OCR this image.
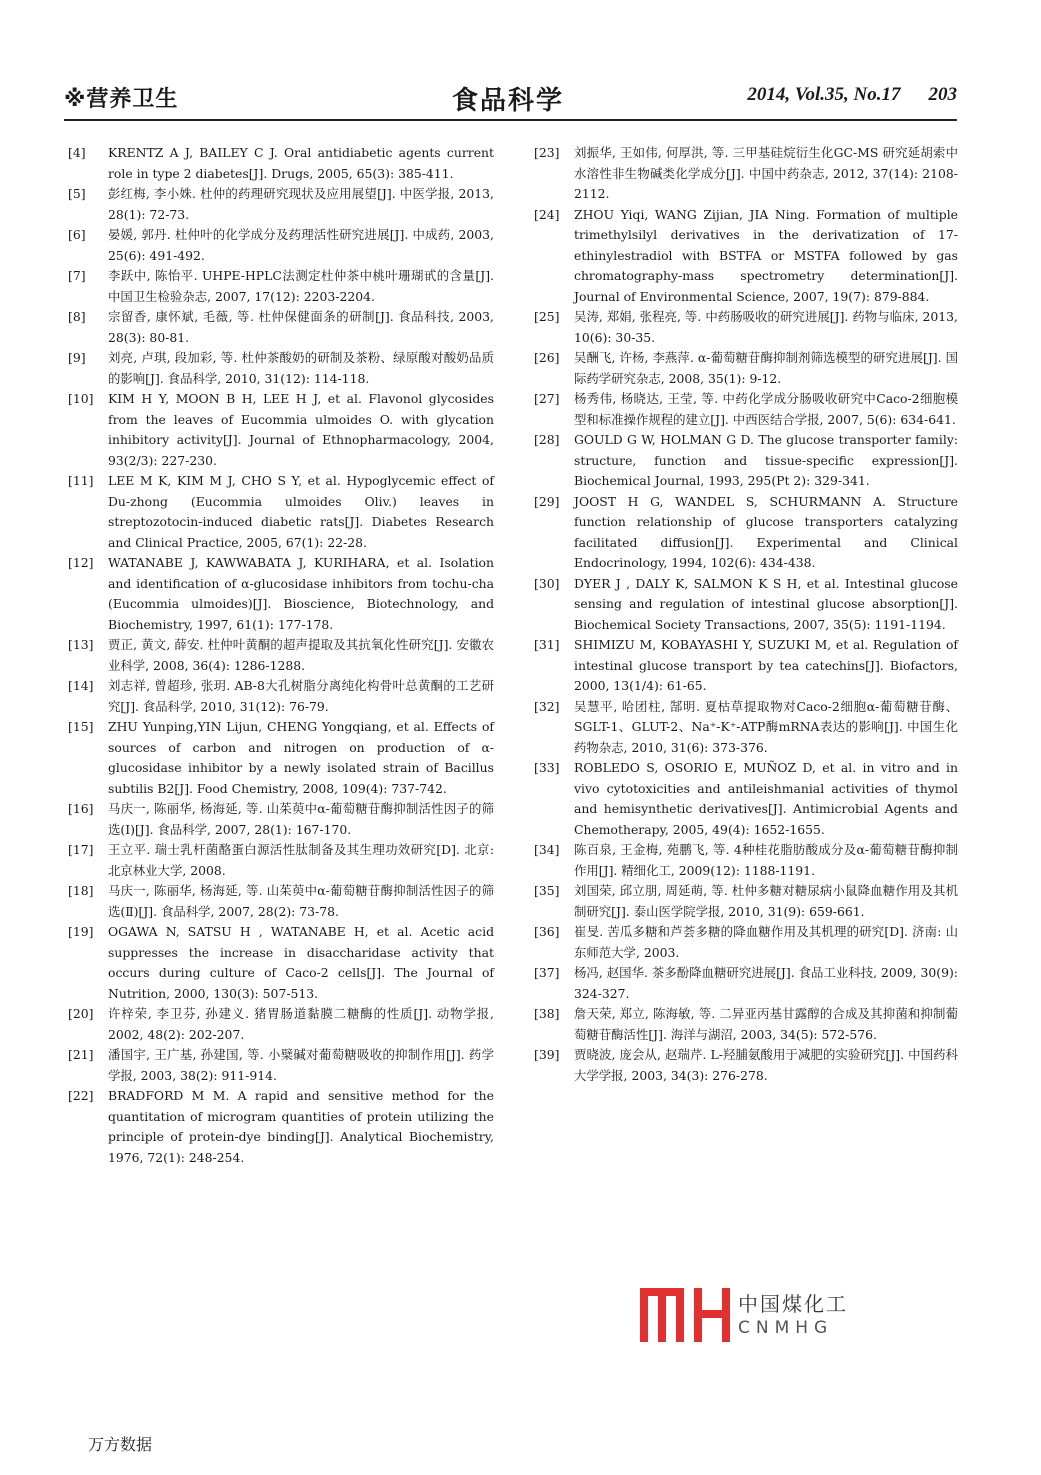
※营养卫生	食品科学	2014, Vol.35, No.17 203
[4] KRENTZ A J, BAILEY C J. Oral antidiabetic agents current role in type 2 diabetes[J]. Drugs, 2005, 65(3): 385-411.
[5] 彭红梅, 李小姝. 杜仲的药理研究现状及应用展望[J]. 中医学报, 2013, 28(1): 72-73.
[6] 晏媛, 郭丹. 杜仲叶的化学成分及药理活性研究进展[J]. 中成药, 2003, 25(6): 491-492.
[7] 李跃中, 陈怡平. UHPE-HPLC法测定杜仲茶中桃叶珊瑚甙的含量[J]. 中国卫生检验杂志, 2007, 17(12): 2203-2204.
[8] 宗留香, 康怀斌, 毛薇, 等. 杜仲保健面条的研制[J]. 食品科技, 2003, 28(3): 80-81.
[9] 刘亮, 卢琪, 段加彩, 等. 杜仲茶酸奶的研制及茶粉、绿原酸对酸奶品质的影响[J]. 食品科学, 2010, 31(12): 114-118.
[10] KIM H Y, MOON B H, LEE H J, et al. Flavonol glycosides from the leaves of Eucommia ulmoides O. with glycation inhibitory activity[J]. Journal of Ethnopharmacology, 2004, 93(2/3): 227-230.
[11] LEE M K, KIM M J, CHO S Y, et al. Hypoglycemic effect of Du-zhong (Eucommia ulmoides Oliv.) leaves in streptozotocin-induced diabetic rats[J]. Diabetes Research and Clinical Practice, 2005, 67(1): 22-28.
[12] WATANABE J, KAWWABATA J, KURIHARA, et al. Isolation and identification of α-glucosidase inhibitors from tochu-cha (Eucommia ulmoides)[J]. Bioscience, Biotechnology, and Biochemistry, 1997, 61(1): 177-178.
[13] 贾正, 黄文, 薛安. 杜仲叶黄酮的超声提取及其抗氧化性研究[J]. 安徽农业科学, 2008, 36(4): 1286-1288.
[14] 刘志祥, 曾超珍, 张玥. AB-8大孔树脂分离纯化构骨叶总黄酮的工艺研究[J]. 食品科学, 2010, 31(12): 76-79.
[15] ZHU Yunping,YIN Lijun, CHENG Yongqiang, et al. Effects of sources of carbon and nitrogen on production of α-glucosidase inhibitor by a newly isolated strain of Bacillus subtilis B2[J]. Food Chemistry, 2008, 109(4): 737-742.
[16] 马庆一, 陈丽华, 杨海延, 等. 山茱萸中α-葡萄糖苷酶抑制活性因子的筛选(Ⅰ)[J]. 食品科学, 2007, 28(1): 167-170.
[17] 王立平. 瑞士乳杆菌酪蛋白源活性肽制备及其生理功效研究[D]. 北京: 北京林业大学, 2008.
[18] 马庆一, 陈丽华, 杨海延, 等. 山茱萸中α-葡萄糖苷酶抑制活性因子的筛选(Ⅱ)[J]. 食品科学, 2007, 28(2): 73-78.
[19] OGAWA N, SATSU H , WATANABE H, et al. Acetic acid suppresses the increase in disaccharidase activity that occurs during culture of Caco-2 cells[J]. The Journal of Nutrition, 2000, 130(3): 507-513.
[20] 许梓荣, 李卫芬, 孙建义. 猪胃肠道黏膜二糖酶的性质[J]. 动物学报, 2002, 48(2): 202-207.
[21] 潘国宇, 王广基, 孙建国, 等. 小檗碱对葡萄糖吸收的抑制作用[J]. 药学学报, 2003, 38(2): 911-914.
[22] BRADFORD M M. A rapid and sensitive method for the quantitation of microgram quantities of protein utilizing the principle of protein-dye binding[J]. Analytical Biochemistry, 1976, 72(1): 248-254.
[23] 刘振华, 王如伟, 何厚洪, 等. 三甲基硅烷衍生化GC-MS 研究延胡索中水溶性非生物碱类化学成分[J]. 中国中药杂志, 2012, 37(14): 2108-2112.
[24] ZHOU Yiqi, WANG Zijian, JIA Ning. Formation of multiple trimethylsilyl derivatives in the derivatization of 17-ethinylestradiol with BSTFA or MSTFA followed by gas chromatography-mass spectrometry determination[J]. Journal of Environmental Science, 2007, 19(7): 879-884.
[25] 吴涛, 郑娟, 张程亮, 等. 中药肠吸收的研究进展[J]. 药物与临床, 2013, 10(6): 30-35.
[26] 吴酬飞, 许杨, 李燕萍. α-葡萄糖苷酶抑制剂筛选模型的研究进展[J]. 国际药学研究杂志, 2008, 35(1): 9-12.
[27] 杨秀伟, 杨晓达, 王莹, 等. 中药化学成分肠吸收研究中Caco-2细胞模型和标准操作规程的建立[J]. 中西医结合学报, 2007, 5(6): 634-641.
[28] GOULD G W, HOLMAN G D. The glucose transporter family: structure, function and tissue-specific expression[J]. Biochemical Journal, 1993, 295(Pt 2): 329-341.
[29] JOOST H G, WANDEL S, SCHURMANN A. Structure function relationship of glucose transporters catalyzing facilitated diffusion[J]. Experimental and Clinical Endocrinology, 1994, 102(6): 434-438.
[30] DYER J , DALY K, SALMON K S H, et al. Intestinal glucose sensing and regulation of intestinal glucose absorption[J]. Biochemical Society Transactions, 2007, 35(5): 1191-1194.
[31] SHIMIZU M, KOBAYASHI Y, SUZUKI M, et al. Regulation of intestinal glucose transport by tea catechins[J]. Biofactors, 2000, 13(1/4): 61-65.
[32] 吴慧平, 哈团柱, 郜明. 夏枯草提取物对Caco-2细胞α-葡萄糖苷酶、SGLT-1、GLUT-2、Na⁺-K⁺-ATP酶mRNA表达的影响[J]. 中国生化药物杂志, 2010, 31(6): 373-376.
[33] ROBLEDO S, OSORIO E, MUÑOZ D, et al. in vitro and in vivo cytotoxicities and antileishmanial activities of thymol and hemisynthetic derivatives[J]. Antimicrobial Agents and Chemotherapy, 2005, 49(4): 1652-1655.
[34] 陈百泉, 王金梅, 苑鹏飞, 等. 4种桂花脂肪酸成分及α-葡萄糖苷酶抑制作用[J]. 精细化工, 2009(12): 1188-1191.
[35] 刘国荣, 邱立朋, 周延萌, 等. 杜仲多糖对糖尿病小鼠降血糖作用及其机制研究[J]. 泰山医学院学报, 2010, 31(9): 659-661.
[36] 崔旻. 苦瓜多糖和芦荟多糖的降血糖作用及其机理的研究[D]. 济南: 山东师范大学, 2003.
[37] 杨冯, 赵国华. 茶多酚降血糖研究进展[J]. 食品工业科技, 2009, 30(9): 324-327.
[38] 詹天荣, 郑立, 陈海敏, 等. 二异亚丙基甘露醇的合成及其抑菌和抑制葡萄糖苷酶活性[J]. 海洋与湖沼, 2003, 34(5): 572-576.
[39] 贾晓波, 庞会从, 赵瑞芹. L-羟脯氨酸用于减肥的实验研究[J]. 中国药科大学学报, 2003, 34(3): 276-278.
中国煤化工
CNMHG
万方数据
